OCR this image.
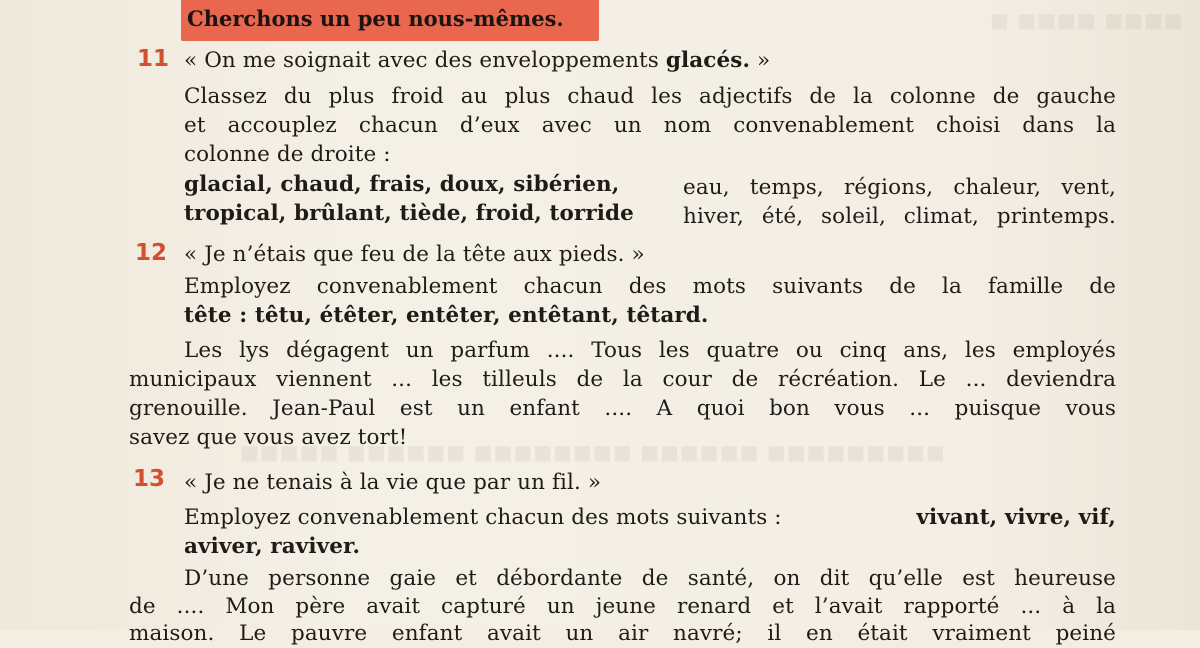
■ ■■■■ ■■■■
■■■■■ ■■■■■■ ■■■■■■■■ ■■■■■■ ■■■■■■■■■
Cherchons un peu nous-mêmes.
11 « On me soignait avec des enveloppements glacés. »
Classez du plus froid au plus chaud les adjectifs de la colonne de gauche
et accouplez chacun d’eux avec un nom convenablement choisi dans la
colonne de droite :
glacial, chaud, frais, doux, sibérien,
tropical, brûlant, tiède, froid, torride
eau, temps, régions, chaleur, vent,
hiver, été, soleil, climat, printemps.
12 « Je n’étais que feu de la tête aux pieds. »
Employez convenablement chacun des mots suivants de la famille de
tête : têtu, étêter, entêter, entêtant, têtard.
Les lys dégagent un parfum .... Tous les quatre ou cinq ans, les employés
municipaux viennent ... les tilleuls de la cour de récréation. Le ... deviendra
grenouille. Jean-Paul est un enfant .... A quoi bon vous ... puisque vous
savez que vous avez tort!
13 « Je ne tenais à la vie que par un fil. »
Employez convenablement chacun des mots suivants :	vivant, vivre, vif,
aviver, raviver.
D’une personne gaie et débordante de santé, on dit qu’elle est heureuse
de .... Mon père avait capturé un jeune renard et l’avait rapporté ... à la
maison. Le pauvre enfant avait un air navré; il en était vraiment peiné
